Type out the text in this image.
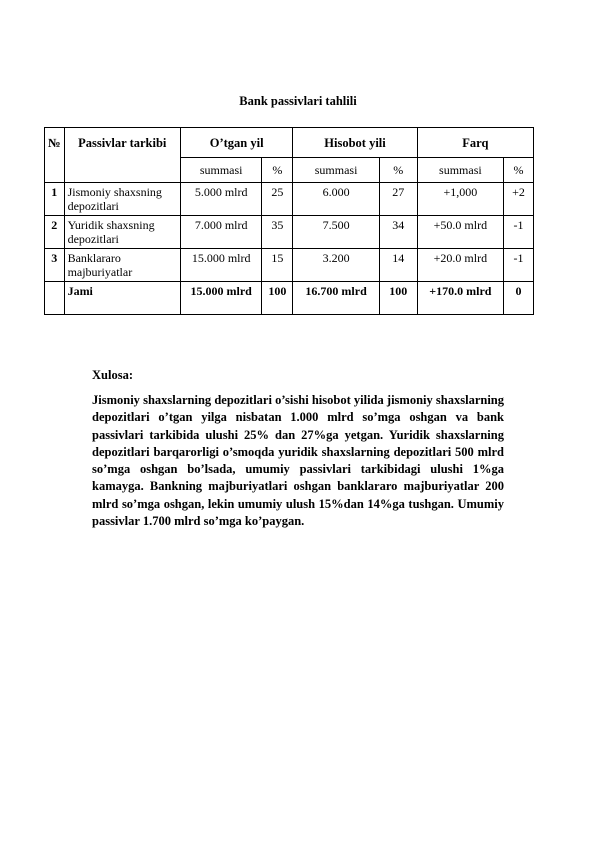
Bank passivlari tahlili
№	Passivlar tarkibi	O’tgan yil		Hisobot yili		Farq	
		summasi	%	summasi	%	summasi	%
1	Jismoniy shaxsning depozitlari	5.000 mlrd	25	6.000	27	+1,000	+2
2	Yuridik shaxsning depozitlari	7.000 mlrd	35	7.500	34	+50.0 mlrd	-1
3	Banklararo majburiyatlar	15.000 mlrd	15	3.200	14	+20.0 mlrd	-1
	Jami	15.000 mlrd	100	16.700 mlrd	100	+170.0 mlrd	0
Xulosa:

Jismoniy shaxslarning depozitlari o’sishi hisobot yilida jismoniy shaxslarning depozitlari o’tgan yilga nisbatan 1.000 mlrd so’mga oshgan va bank passivlari tarkibida ulushi 25% dan 27%ga yetgan. Yuridik shaxslarning depozitlari barqarorligi o’smoqda yuridik shaxslarning depozitlari 500 mlrd so’mga oshgan bo’lsada, umumiy passivlari tarkibidagi ulushi 1%ga kamayga. Bankning majburiyatlari oshgan banklararo majburiyatlar 200 mlrd so’mga oshgan, lekin umumiy ulush 15%dan 14%ga tushgan. Umumiy passivlar 1.700 mlrd so’mga ko’paygan.
